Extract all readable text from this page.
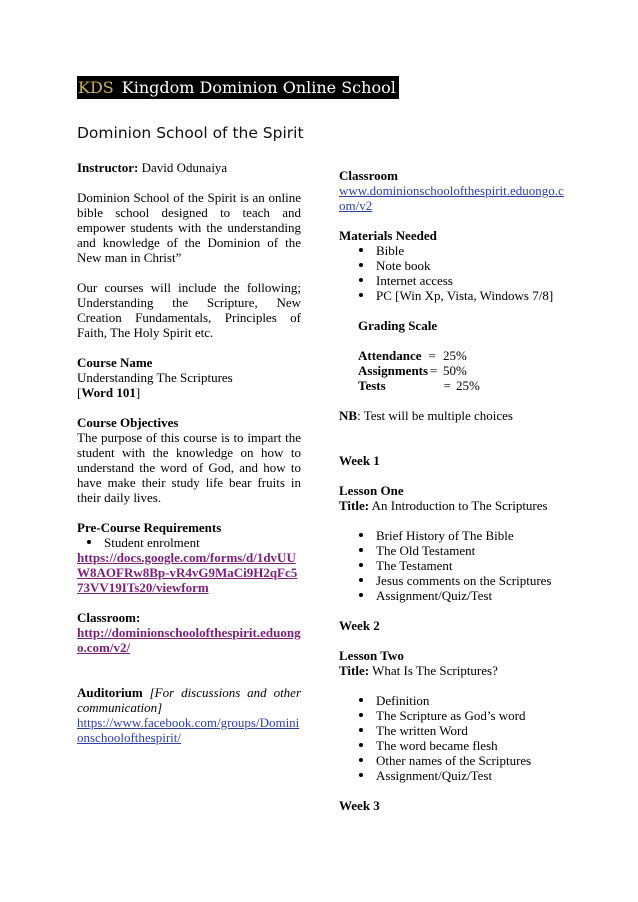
KDS Kingdom Dominion Online School
Dominion School of the Spirit

Instructor: David Odunaiya

Dominion School of the Spirit is an online bible school designed to teach and empower students with the understanding and knowledge of the Dominion of the New man in Christ”

Our courses will include the following; Understanding the Scripture, New Creation Fundamentals, Principles of Faith, The Holy Spirit etc.

Course Name

Understanding The Scriptures

[Word 101]

Course Objectives

The purpose of this course is to impart the student with the knowledge on how to understand the word of God, and how to have make their study life bear fruits in their daily lives.

Pre-Course Requirements

Student enrolment

https://docs.google.com/forms/d/1dvUUW8AOFRw8Bp-vR4vG9MaCi9H2qFc573VV19ITs20/viewform

Classroom:

http://dominionschoolofthespirit.eduongo.com/v2/

Auditorium [For discussions and other communication]

https://www.facebook.com/groups/Dominionschoolofthespirit/

Classroom

www.dominionschoolofthespirit.eduongo.com/v2

Materials Needed

Bible
Note book
Internet access
PC [Win Xp, Vista, Windows 7/8]

Grading Scale

Attendance = 25%
Assignments = 50%
Tests	= 25%

NB: Test will be multiple choices

Week 1

Lesson One

Title: An Introduction to The Scriptures

Brief History of The Bible
The Old Testament
The Testament
Jesus comments on the Scriptures
Assignment/Quiz/Test

Week 2

Lesson Two

Title: What Is The Scriptures?

Definition
The Scripture as God’s word
The written Word
The word became flesh
Other names of the Scriptures
Assignment/Quiz/Test

Week 3
